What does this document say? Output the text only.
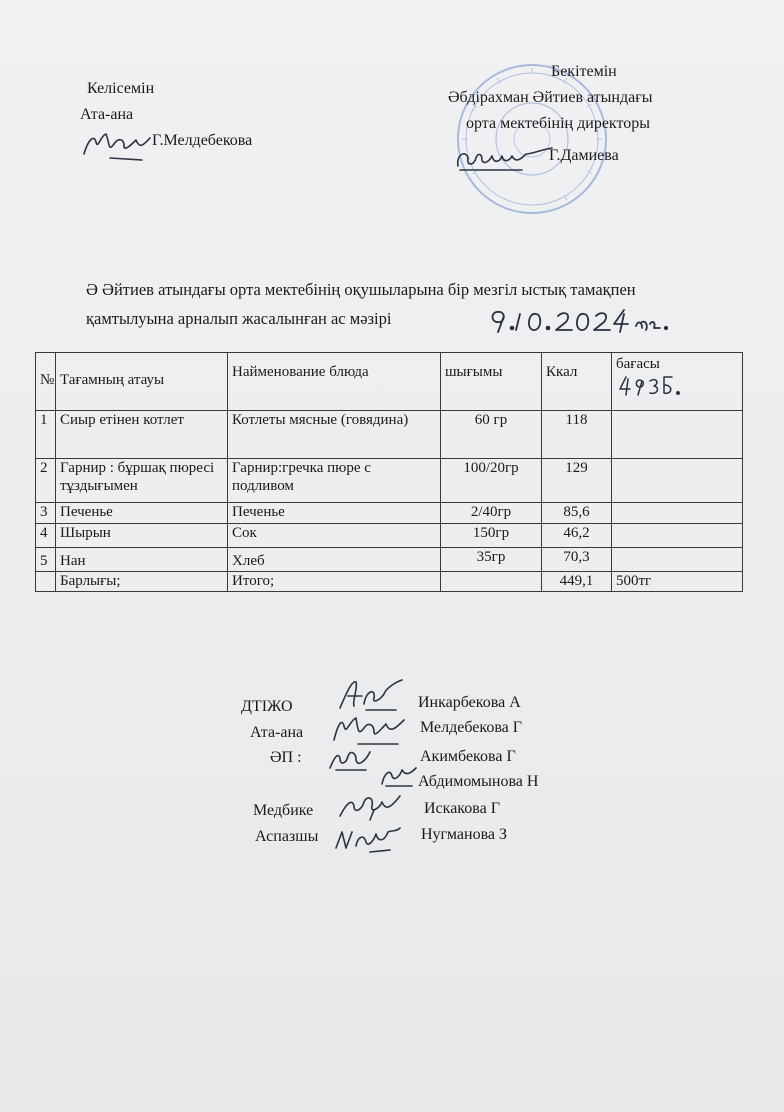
Келісемін
Ата-ана
Г.Мелдебекова
Бекітемін
Әбдірахман Әйтиев атындағы
орта мектебінің директоры
Г.Дамиева
Ә Әйтиев атындағы орта мектебінің оқушыларына бір мезгіл ыстық тамақпен
қамтылуына арналып жасалынған ас мәзірі
№	Тағамның атауы	Найменование блюда	шығымы	Ккал	бағасы

1	Сиыр етінен котлет	Котлеты мясные (говядина)	60 гр	118	
2	Гарнир : бұршақ пюресі тұздығымен	Гарнир:гречка пюре с подливом	100/20гр	129	
3	Печенье	Печенье	2/40гр	85,6	
4	Шырын	Сок	150гр	46,2	
5	Нан	Хлеб	35гр	70,3	
	Барлығы;	Итого;		449,1	500тг
ДТІЖО	Инкарбекова А
Ата-ана	Мелдебекова Г
ӘП :	Акимбекова Г
Абдимомынова Н
Медбике	Искакова Г
Аспазшы	Нугманова З
